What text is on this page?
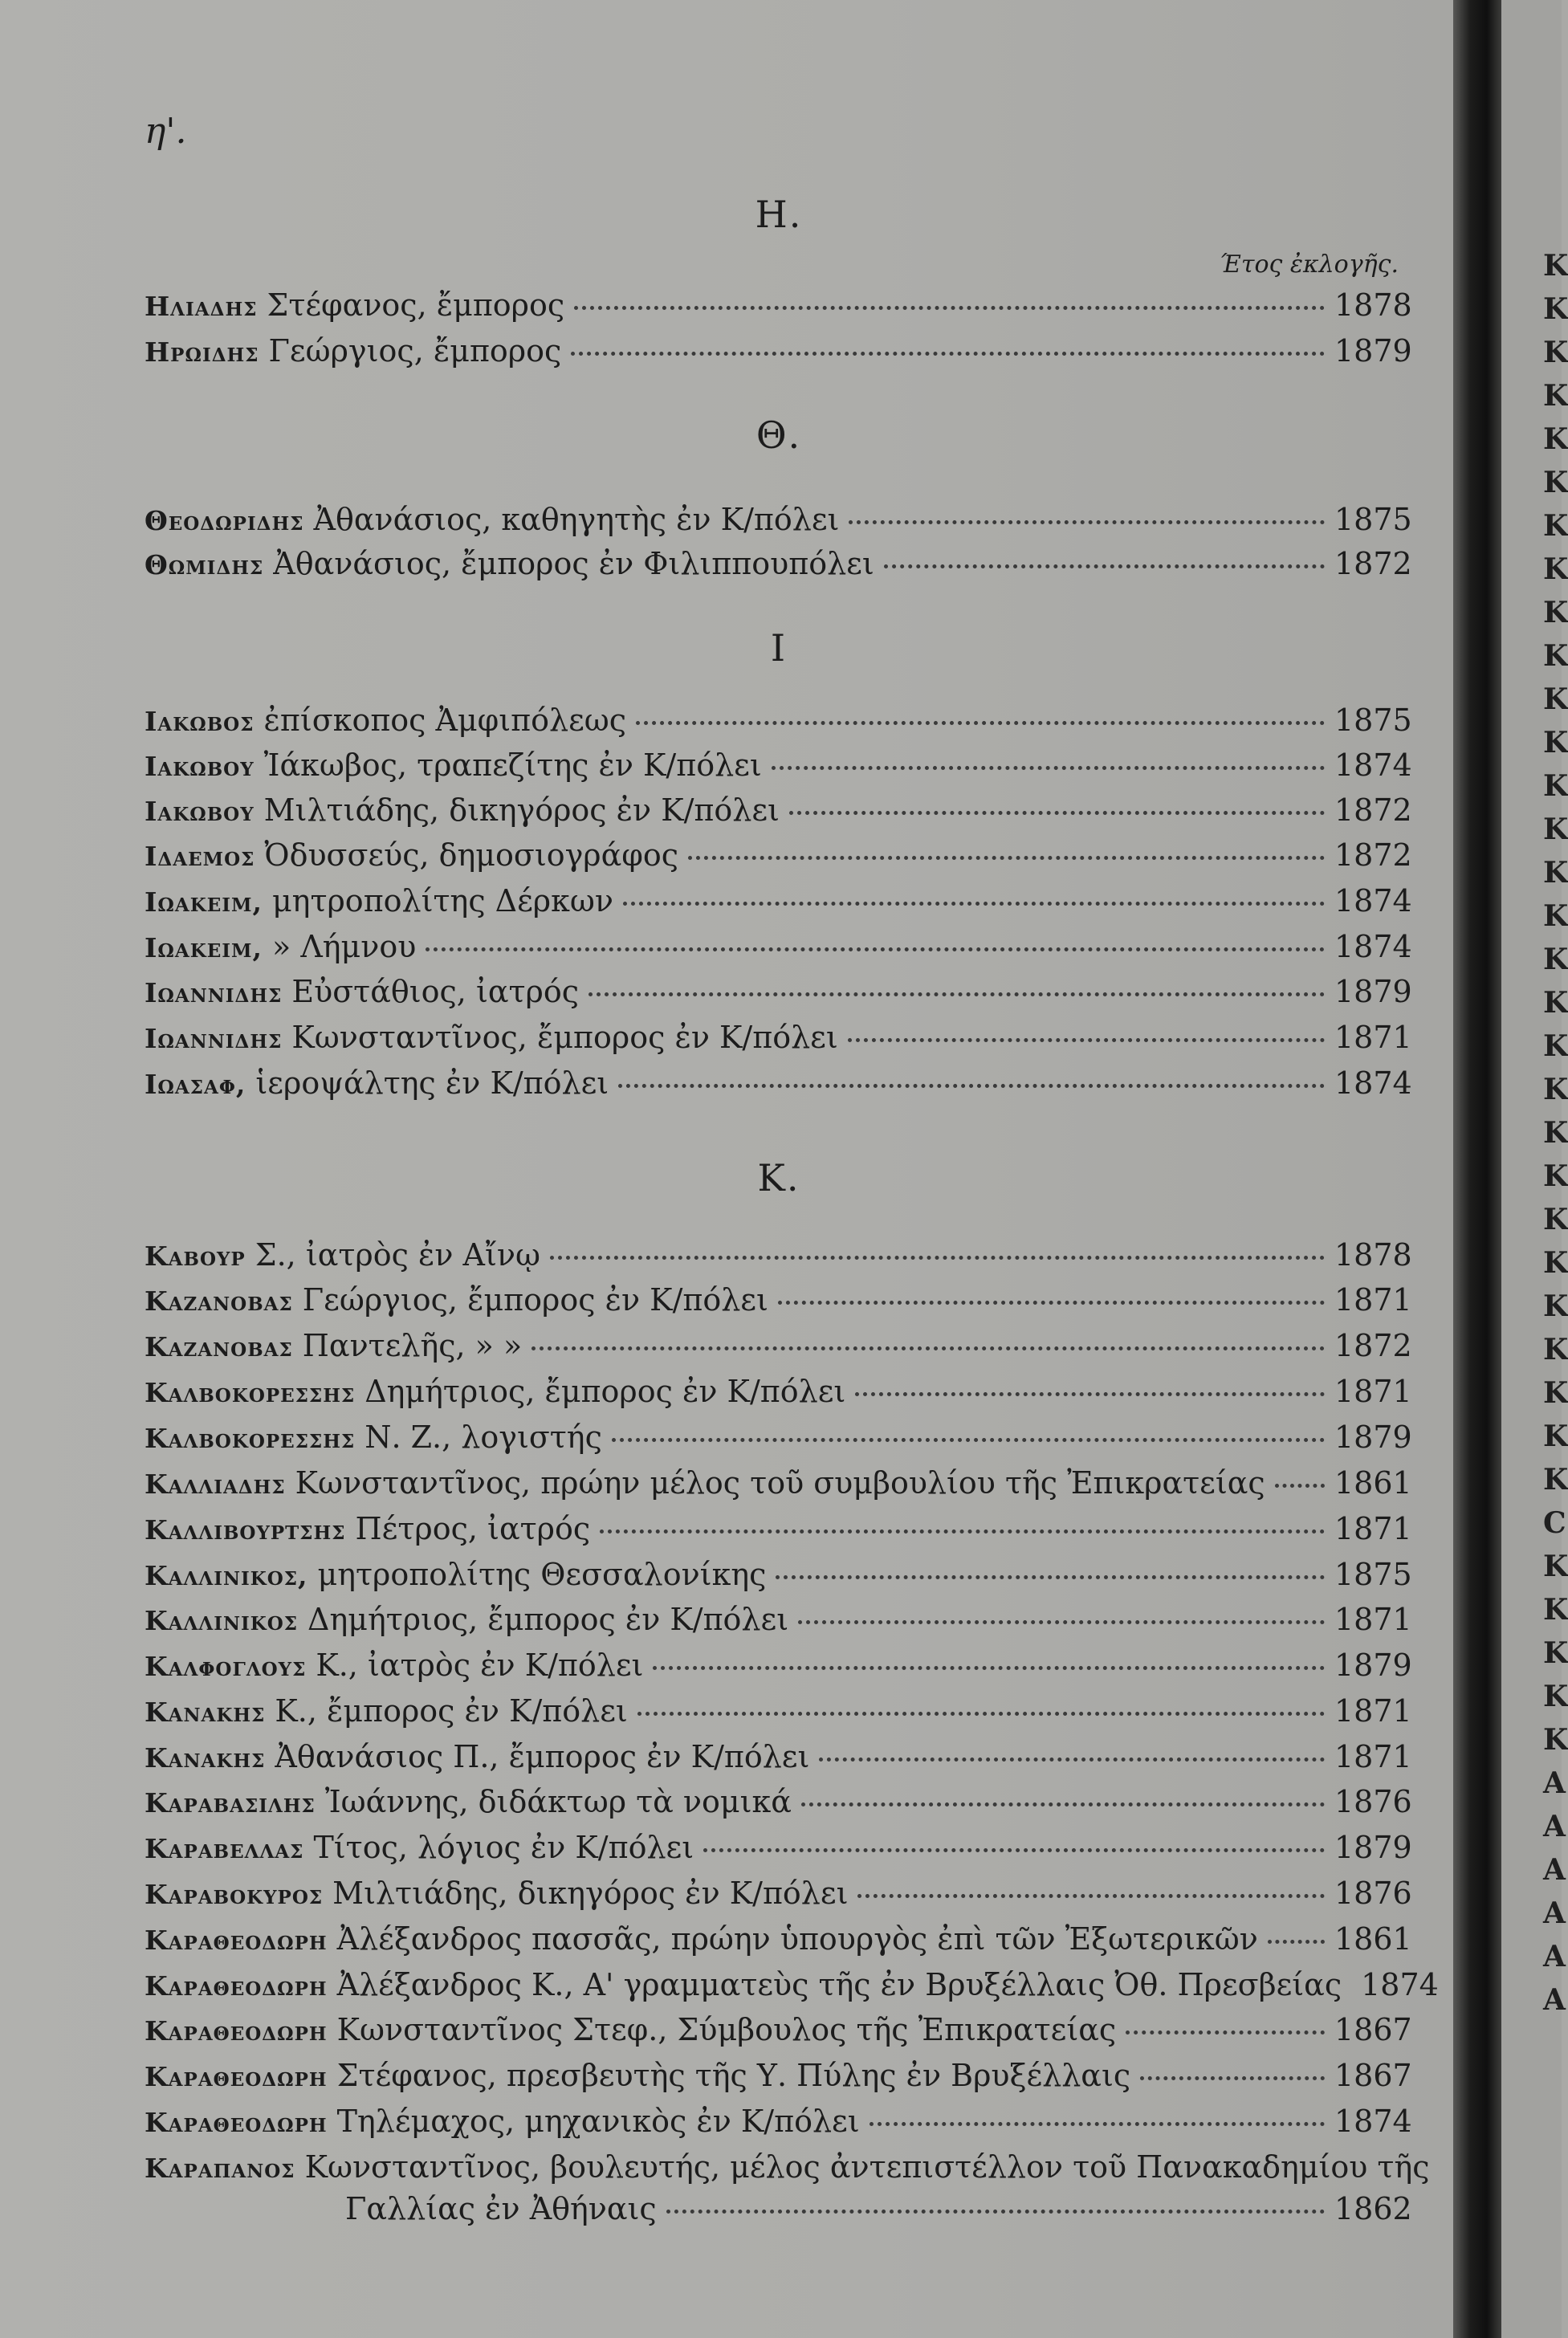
η'.
Έτος ἐκλογῆς.
Η.
Ηλιαδης Στέφανος, ἔμπορος	1878
Ηρωιδης Γεώργιος, ἔμπορος	1879
Θ.
Θεοδωριδης Ἀθανάσιος, καθηγητὴς ἐν Κ/πόλει	1875
Θωμιδης Ἀθανάσιος, ἔμπορος ἐν Φιλιππουπόλει	1872
Ι
Ιακωβος ἐπίσκοπος Ἀμφιπόλεως	1875
Ιακωβου Ἰάκωβος, τραπεζίτης ἐν Κ/πόλει	1874
Ιακωβου Μιλτιάδης, δικηγόρος ἐν Κ/πόλει	1872
Ιδαεμος Ὀδυσσεύς, δημοσιογράφος	1872
Ιωακειμ, μητροπολίτης Δέρκων	1874
Ιωακειμ, » Λήμνου	1874
Ιωαννιδης Εὐστάθιος, ἰατρός	1879
Ιωαννιδης Κωνσταντῖνος, ἔμπορος ἐν Κ/πόλει	1871
Ιωασαφ, ἱεροψάλτης ἐν Κ/πόλει	1874
Κ.
Καβουρ Σ., ἰατρὸς ἐν Αἴνῳ	1878
Καζανοβας Γεώργιος, ἔμπορος ἐν Κ/πόλει	1871
Καζανοβας Παντελῆς, » »	1872
Καλβοκορεσσης Δημήτριος, ἔμπορος ἐν Κ/πόλει	1871
Καλβοκορεσσης Ν. Ζ., λογιστής	1879
Καλλιαδης Κωνσταντῖνος, πρώην μέλος τοῦ συμβουλίου τῆς Ἐπικρατείας 1861
Καλλιβουρτσης Πέτρος, ἰατρός	1871
Καλλινικος, μητροπολίτης Θεσσαλονίκης	1875
Καλλινικος Δημήτριος, ἔμπορος ἐν Κ/πόλει	1871
Καλφογλους Κ., ἰατρὸς ἐν Κ/πόλει	1879
Κανακης Κ., ἔμπορος ἐν Κ/πόλει	1871
Κανακης Ἀθανάσιος Π., ἔμπορος ἐν Κ/πόλει	1871
Καραβασιλης Ἰωάννης, διδάκτωρ τὰ νομικά	1876
Καραβελλας Τίτος, λόγιος ἐν Κ/πόλει	1879
Καραβοκυρος Μιλτιάδης, δικηγόρος ἐν Κ/πόλει	1876
Καραθεοδωρη Ἀλέξανδρος πασσᾶς, πρώην ὑπουργὸς ἐπὶ τῶν Ἐξωτερικῶν	1861
Καραθεοδωρη Ἀλέξανδρος Κ., Α' γραμματεὺς τῆς ἐν Βρυξέλλαις Ὀθ. Πρεσβείας 1874
Καραθεοδωρη Κωνσταντῖνος Στεφ., Σύμβουλος τῆς Ἐπικρατείας	1867
Καραθεοδωρη Στέφανος, πρεσβευτὴς τῆς Υ. Πύλης ἐν Βρυξέλλαις	1867
Καραθεοδωρη Τηλέμαχος, μηχανικὸς ἐν Κ/πόλει	1874
Καραπανος Κωνσταντῖνος, βουλευτής, μέλος ἀντεπιστέλλον τοῦ Πανακαδημίου τῆς
Γαλλίας ἐν Ἀθήναις	1862
Κ
Κ
Κ
Κ
Κ
Κ
Κ
Κ
Κ
Κ
Κ
Κ
Κ
Κ
Κ
Κ
Κ
Κ
Κ
Κ
Κ
Κ
Κ
Κ
Κ
Κ
Κ
Κ
Κ
C
Κ
Κ
Κ
Κ
Κ
Α
Α
Α
Α
Α
Α
